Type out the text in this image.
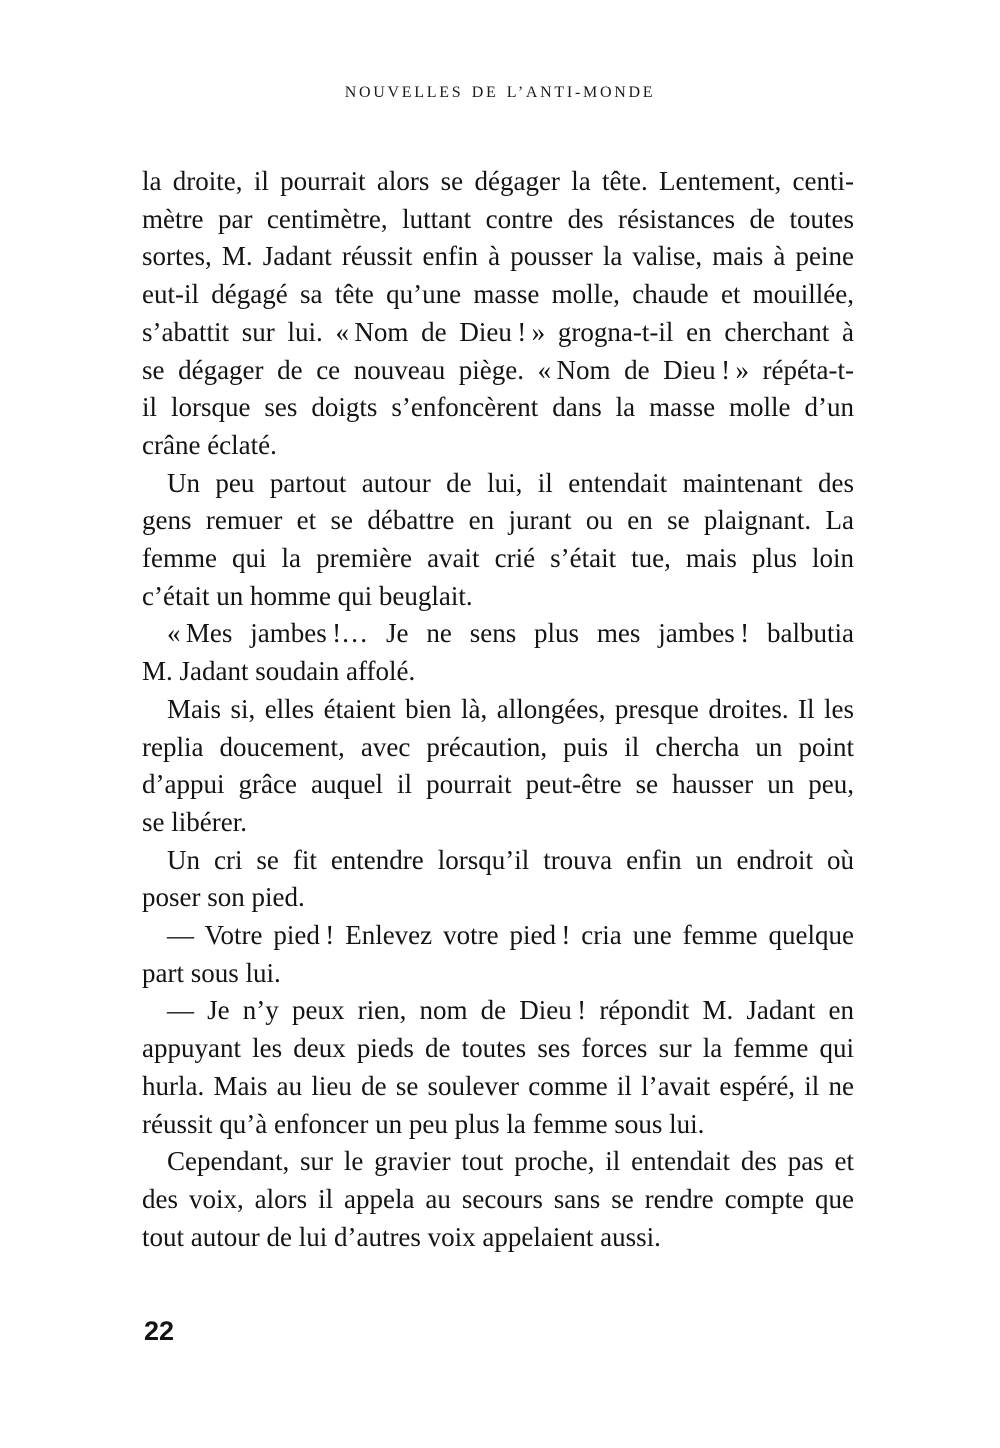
NOUVELLES DE L’ANTI-MONDE

la droite, il pourrait alors se dégager la tête. Lentement, centi-
mètre par centimètre, luttant contre des résistances de toutes
sortes, M. Jadant réussit enfin à pousser la valise, mais à peine
eut-il dégagé sa tête qu’une masse molle, chaude et mouillée,
s’abattit sur lui. « Nom de Dieu ! » grogna-t-il en cherchant à
se dégager de ce nouveau piège. « Nom de Dieu ! » répéta-t-
il lorsque ses doigts s’enfoncèrent dans la masse molle d’un
crâne éclaté.

Un peu partout autour de lui, il entendait maintenant des
gens remuer et se débattre en jurant ou en se plaignant. La
femme qui la première avait crié s’était tue, mais plus loin
c’était un homme qui beuglait.

« Mes jambes !… Je ne sens plus mes jambes ! balbutia
M. Jadant soudain affolé.

Mais si, elles étaient bien là, allongées, presque droites. Il les
replia doucement, avec précaution, puis il chercha un point
d’appui grâce auquel il pourrait peut-être se hausser un peu,
se libérer.

Un cri se fit entendre lorsqu’il trouva enfin un endroit où
poser son pied.

— Votre pied ! Enlevez votre pied ! cria une femme quelque
part sous lui.

— Je n’y peux rien, nom de Dieu ! répondit M. Jadant en
appuyant les deux pieds de toutes ses forces sur la femme qui
hurla. Mais au lieu de se soulever comme il l’avait espéré, il ne
réussit qu’à enfoncer un peu plus la femme sous lui.

Cependant, sur le gravier tout proche, il entendait des pas et
des voix, alors il appela au secours sans se rendre compte que
tout autour de lui d’autres voix appelaient aussi.

22
